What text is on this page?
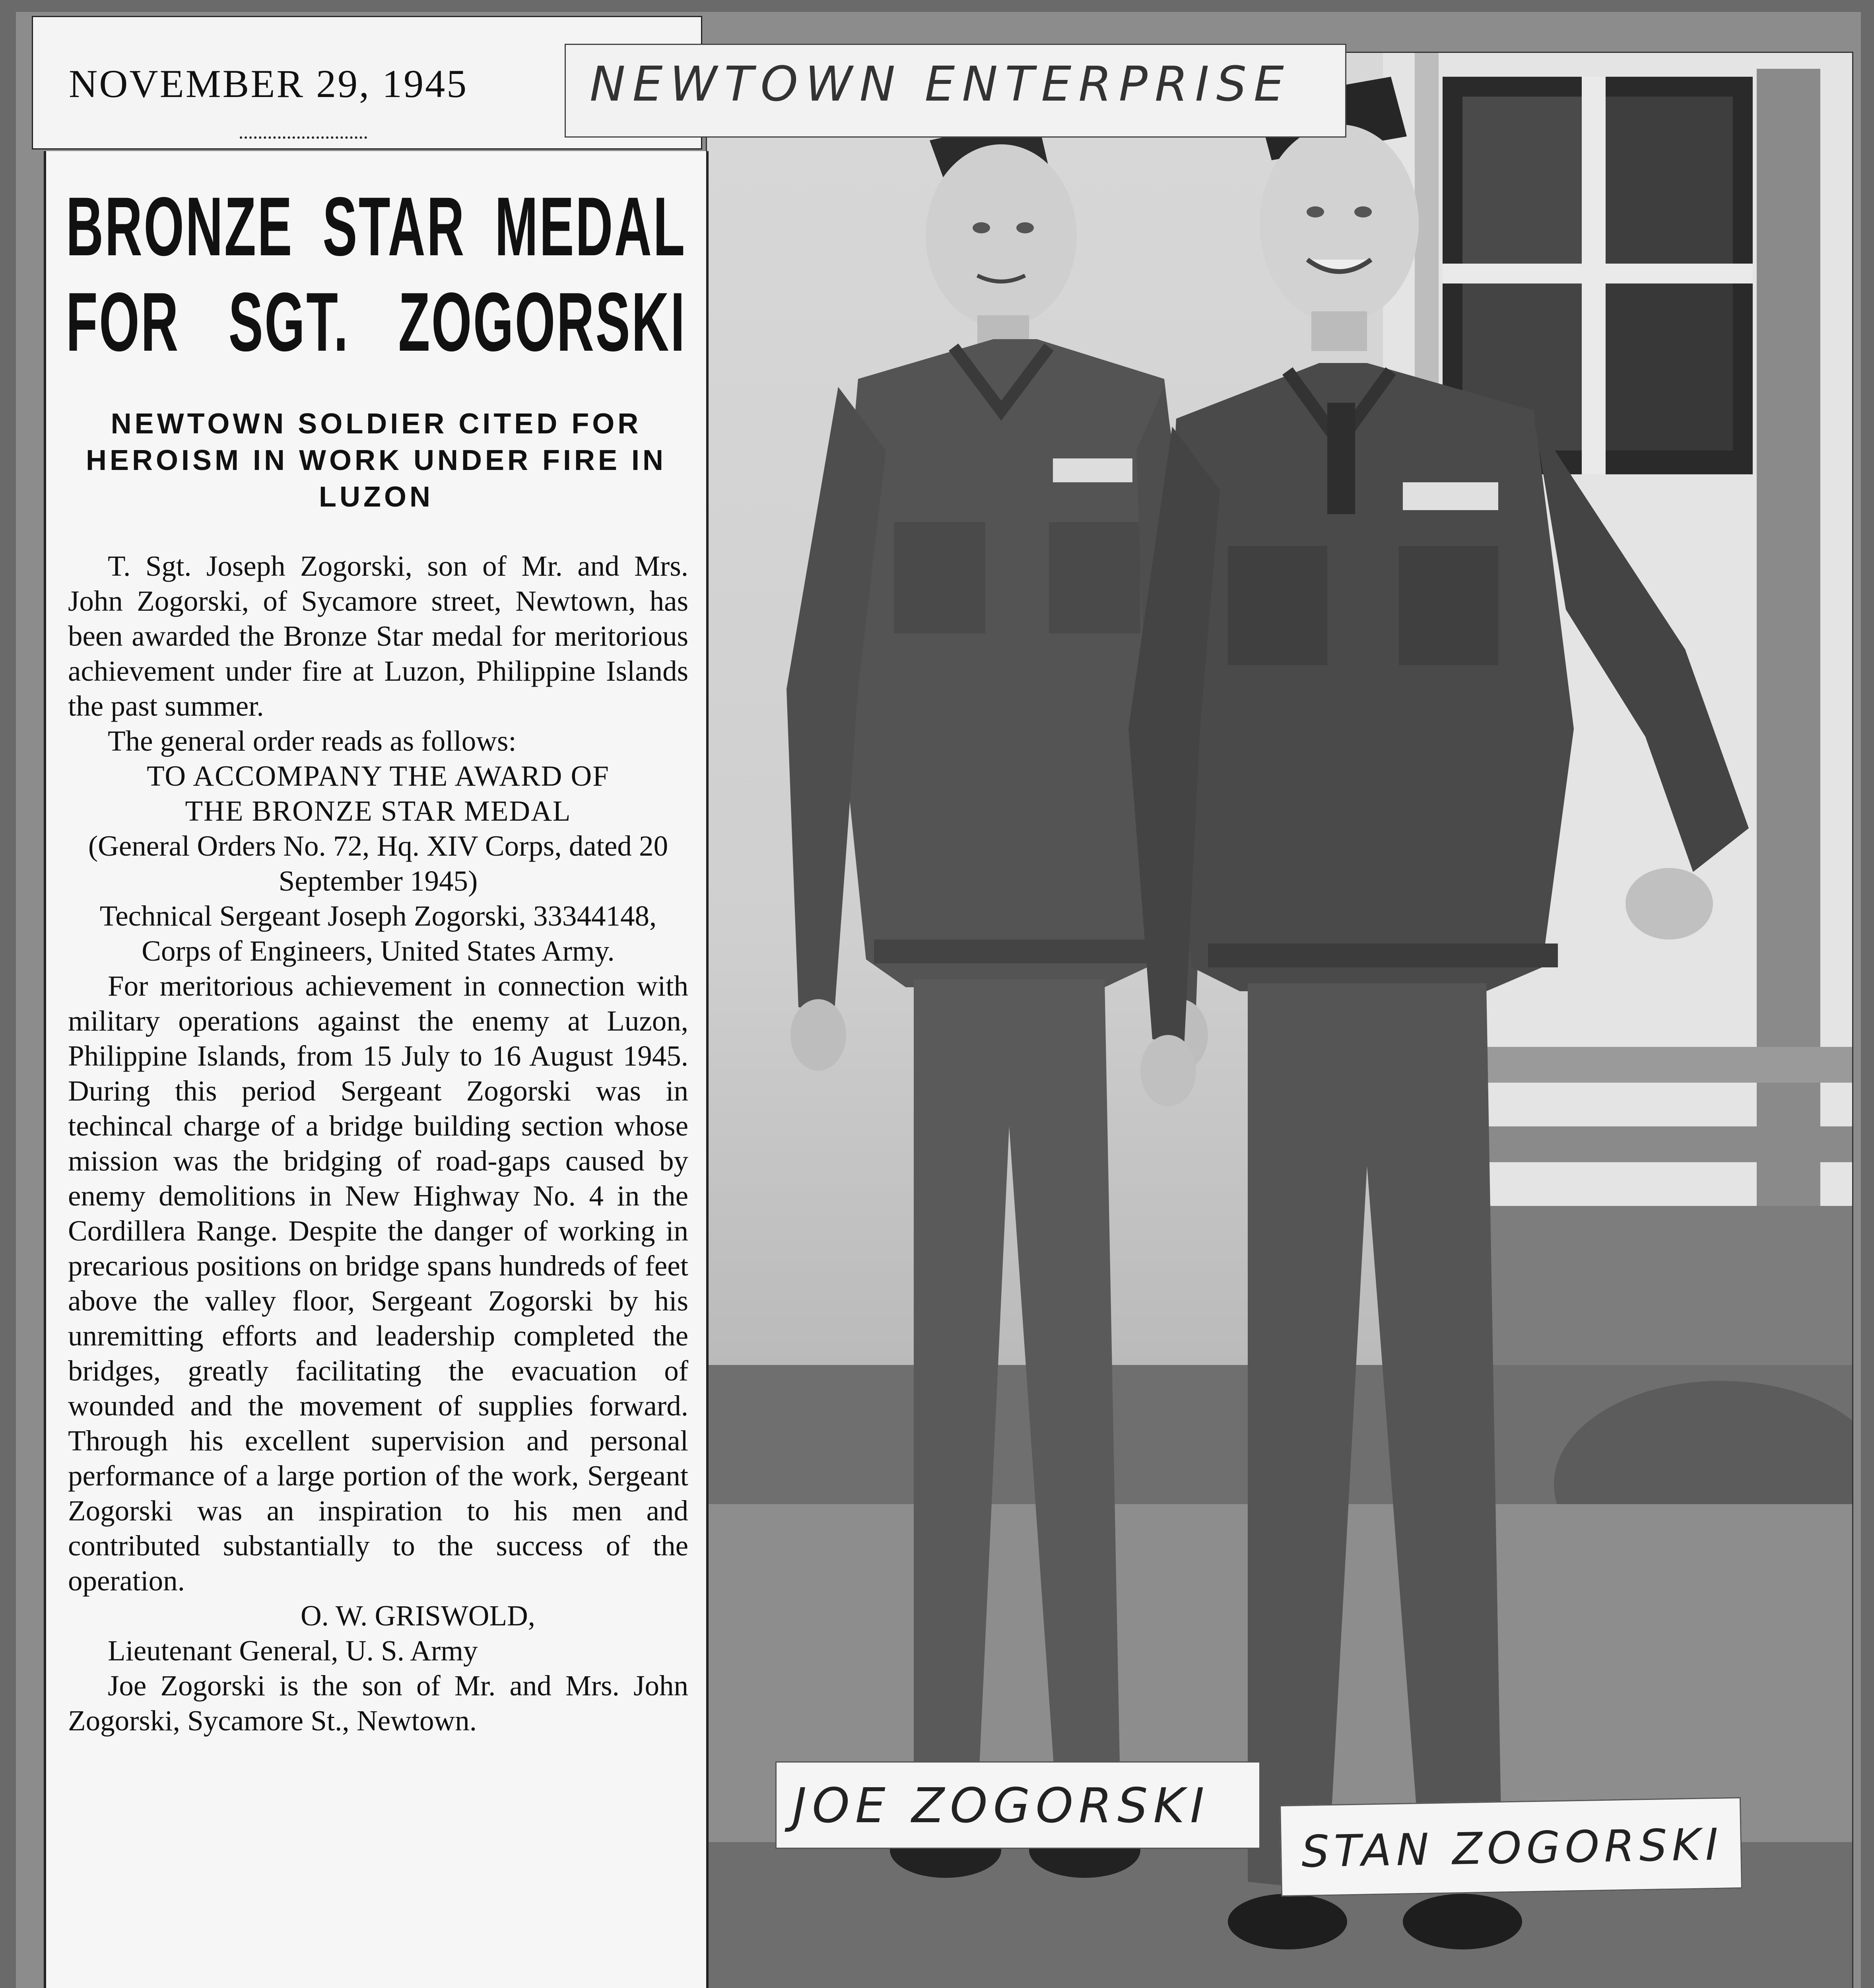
NOVEMBER 29, 1945	NEWTOWN ENTERPRISE
BRONZE STAR MEDAL
FOR SGT. ZOGORSKI
NEWTOWN SOLDIER CITED FOR HEROISM IN WORK UNDER FIRE IN LUZON

T. Sgt. Joseph Zogorski, son of Mr. and Mrs. John Zogorski, of Sycamore street, Newtown, has been awarded the Bronze Star medal for meritorious achievement under fire at Luzon, Philippine Islands the past summer.

The general order reads as follows:

TO ACCOMPANY THE AWARD OF

THE BRONZE STAR MEDAL

(General Orders No. 72, Hq. XIV Corps, dated 20 September 1945)

Technical Sergeant Joseph Zogorski, 33344148, Corps of Engineers, United States Army.

For meritorious achievement in connection with military operations against the enemy at Luzon, Philippine Islands, from 15 July to 16 August 1945. During this period Sergeant Zogorski was in techincal charge of a bridge building section whose mission was the bridging of road-gaps caused by enemy demolitions in New Highway No. 4 in the Cordillera Range. Despite the danger of working in precarious positions on bridge spans hundreds of feet above the valley floor, Sergeant Zogorski by his unremitting efforts and leadership completed the bridges, greatly facilitating the evacuation of wounded and the movement of supplies forward. Through his excellent supervision and personal performance of a large portion of the work, Sergeant Zogorski was an inspiration to his men and contributed substantially to the success of the operation.

O. W. GRISWOLD,

Lieutenant General, U. S. Army

Joe Zogorski is the son of Mr. and Mrs. John Zogorski, Sycamore St., Newtown.

JOE ZOGORSKI
STAN ZOGORSKI
